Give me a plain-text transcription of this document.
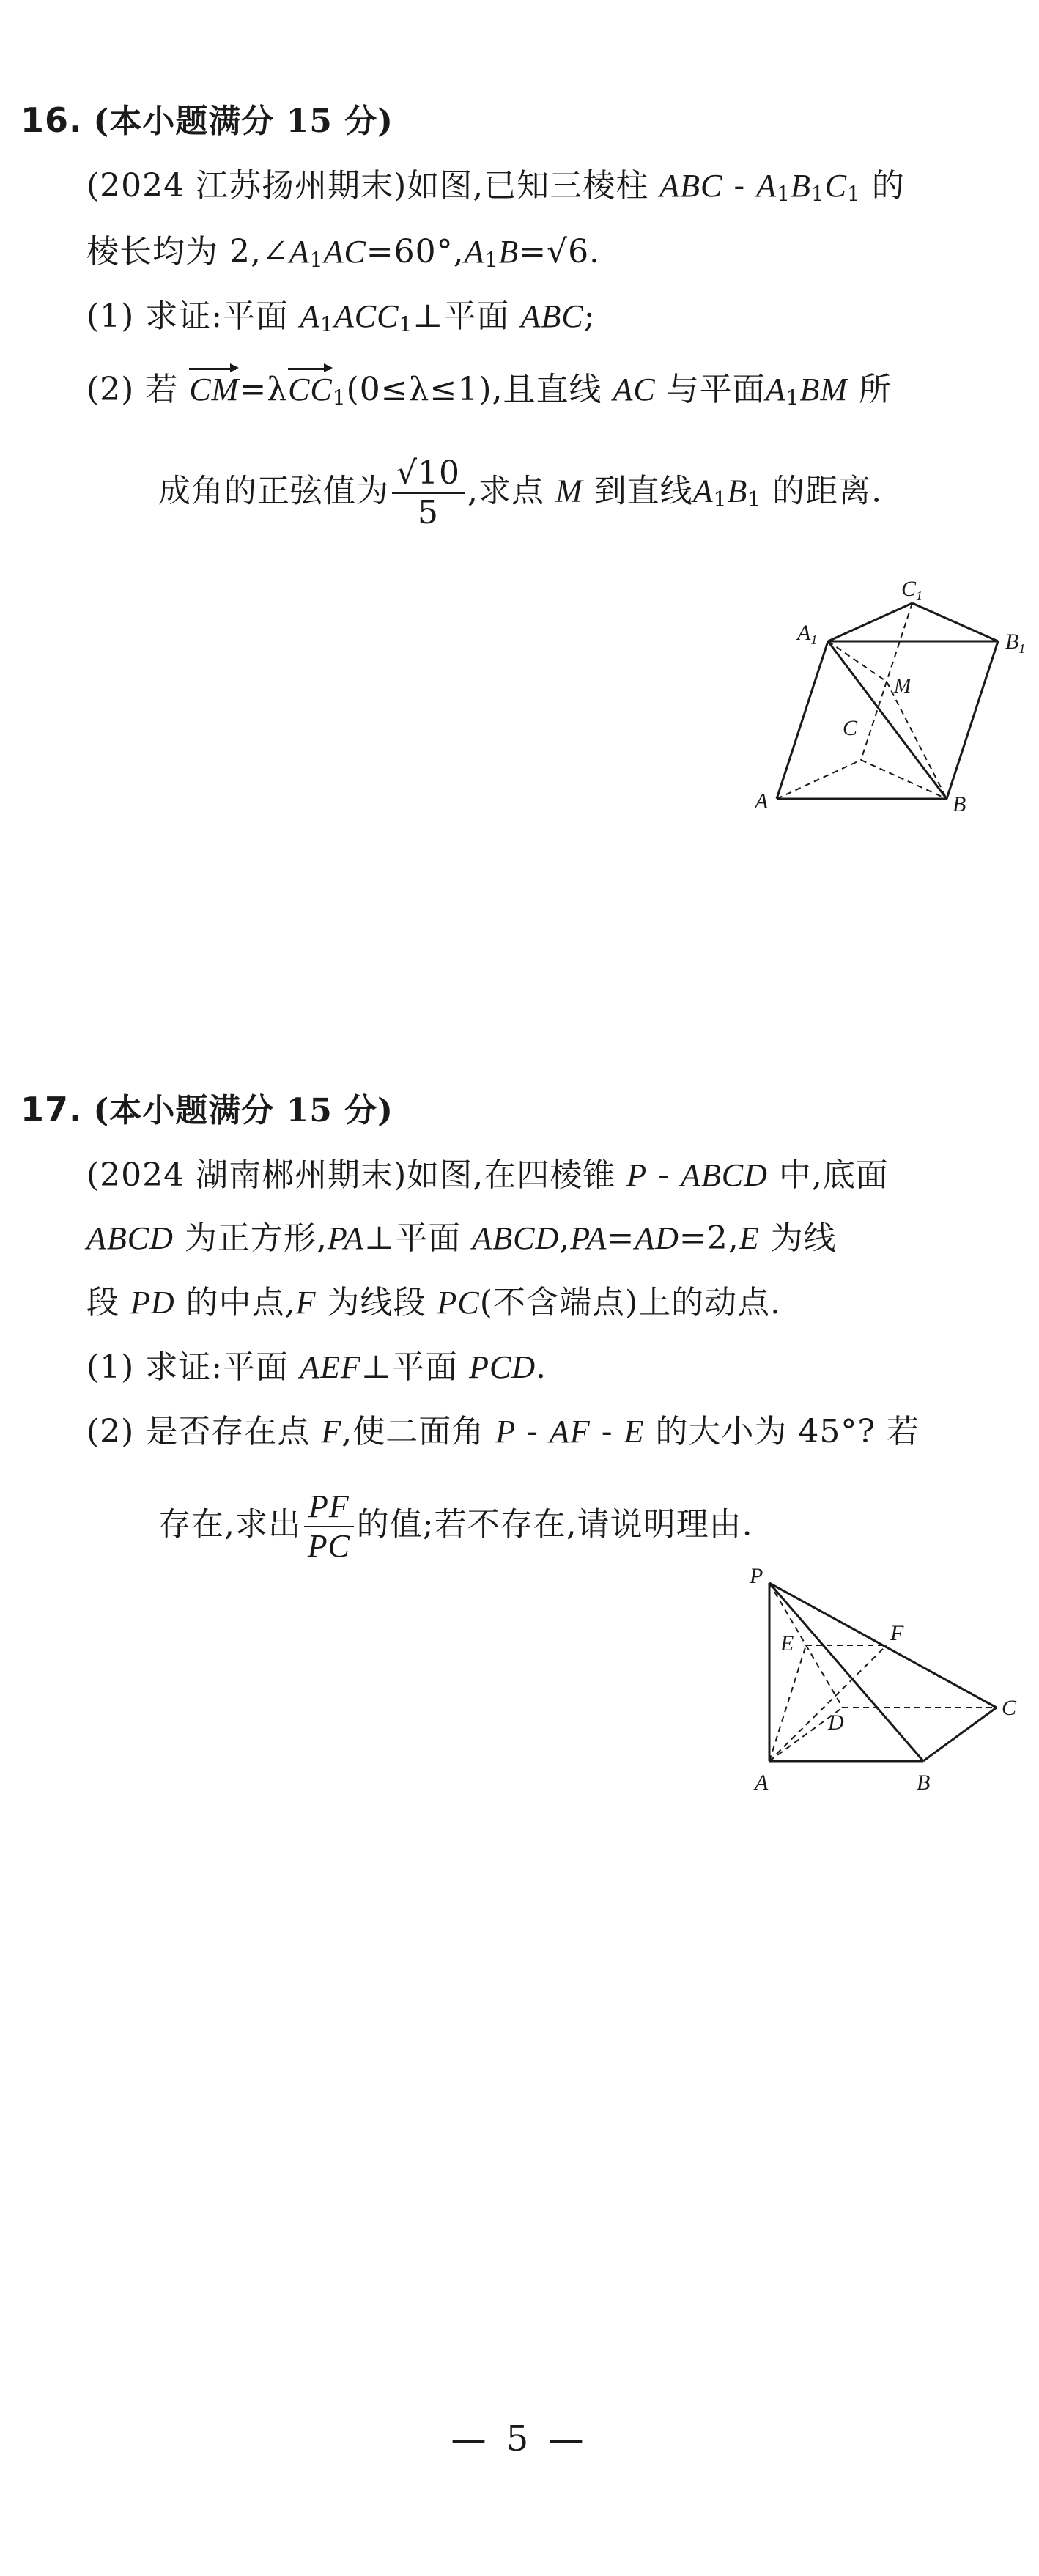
16. (本小题满分 15 分)
(2024 江苏扬州期末)如图,已知三棱柱 ABC - $A_1B_1C_1$ 的
棱长均为 $2,\angle A_1AC=60^\circ,A_1B=√6$.
(1) 求证:平面 $A_1ACC_1\perp$平面 ABC;
(2) 若 CM=λCC$_1$(0≤λ≤1),且直线 AC 与平面$A_1BM$ 所
成角的正弦值为 $\frac{√10}{5}$ ,求点 M 到直线$A_1B_1$ 的距离.
$C_1$
$A_1$	$B_1$
M
C
A	B
17. (本小题满分 15 分)
(2024 湖南郴州期末)如图,在四棱锥 P - ABCD 中,底面
ABCD 为正方形,PA⊥平面 ABCD,PA=AD=2,E 为线
段 PD 的中点,F 为线段 PC(不含端点)上的动点.
(1) 求证:平面 AEF⊥平面 PCD.
(2) 是否存在点 F,使二面角 P - AF - E 的大小为 45°? 若
存在,求出 $\frac{PF}{PC}$ 的值;若不存在,请说明理由.
P
E	F
D
C
A	B
— 5 —
